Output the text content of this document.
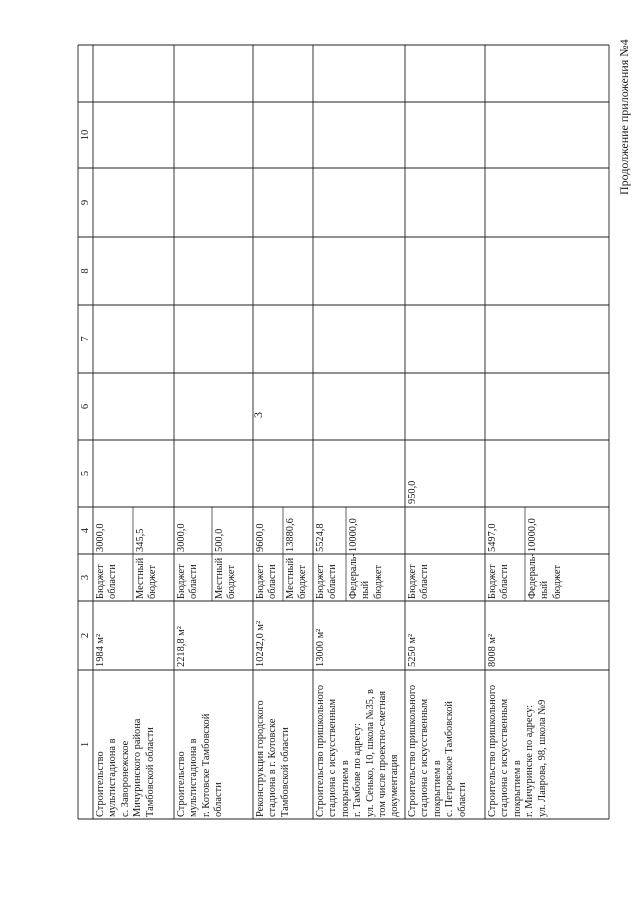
3
Продолжение приложения №4
1
2
3
4
5
6
7
8
9
10
Строительство мультистадиона в с. Заворонежское Мичуринского района Тамбовской области
1984 м²
Бюджет области
3000,0
Местный бюджет
345,5
Строительство мультистадиона в г. Котовске Тамбовской области
2218,8 м²
Бюджет области
3000,0
Местный бюджет
500,0
Реконструкция городского стадиона в г. Котовске Тамбовской области
10242,0 м²
Бюджет области
9600,0
Местный бюджет
13880,6
Строительство пришкольного стадиона с искусственным покрытием в г. Тамбове по адресу: ул. Сенько, 10, школа №35, в том числе проектно-сметная документация
13000 м²
Бюджет области
5524,8
Федераль- ный бюджет
10000,0
Строительство пришкольного стадиона с искусственным покрытием в с. Петровское Тамбовской области
5250 м²
Бюджет области
950,0
Строительство пришкольного стадиона с искусственным покрытием в г. Мичуринске по адресу: ул. Лаврова, 98, школа №9
8008 м²
Бюджет области
5497,0
Федераль- ный бюджет
10000,0
